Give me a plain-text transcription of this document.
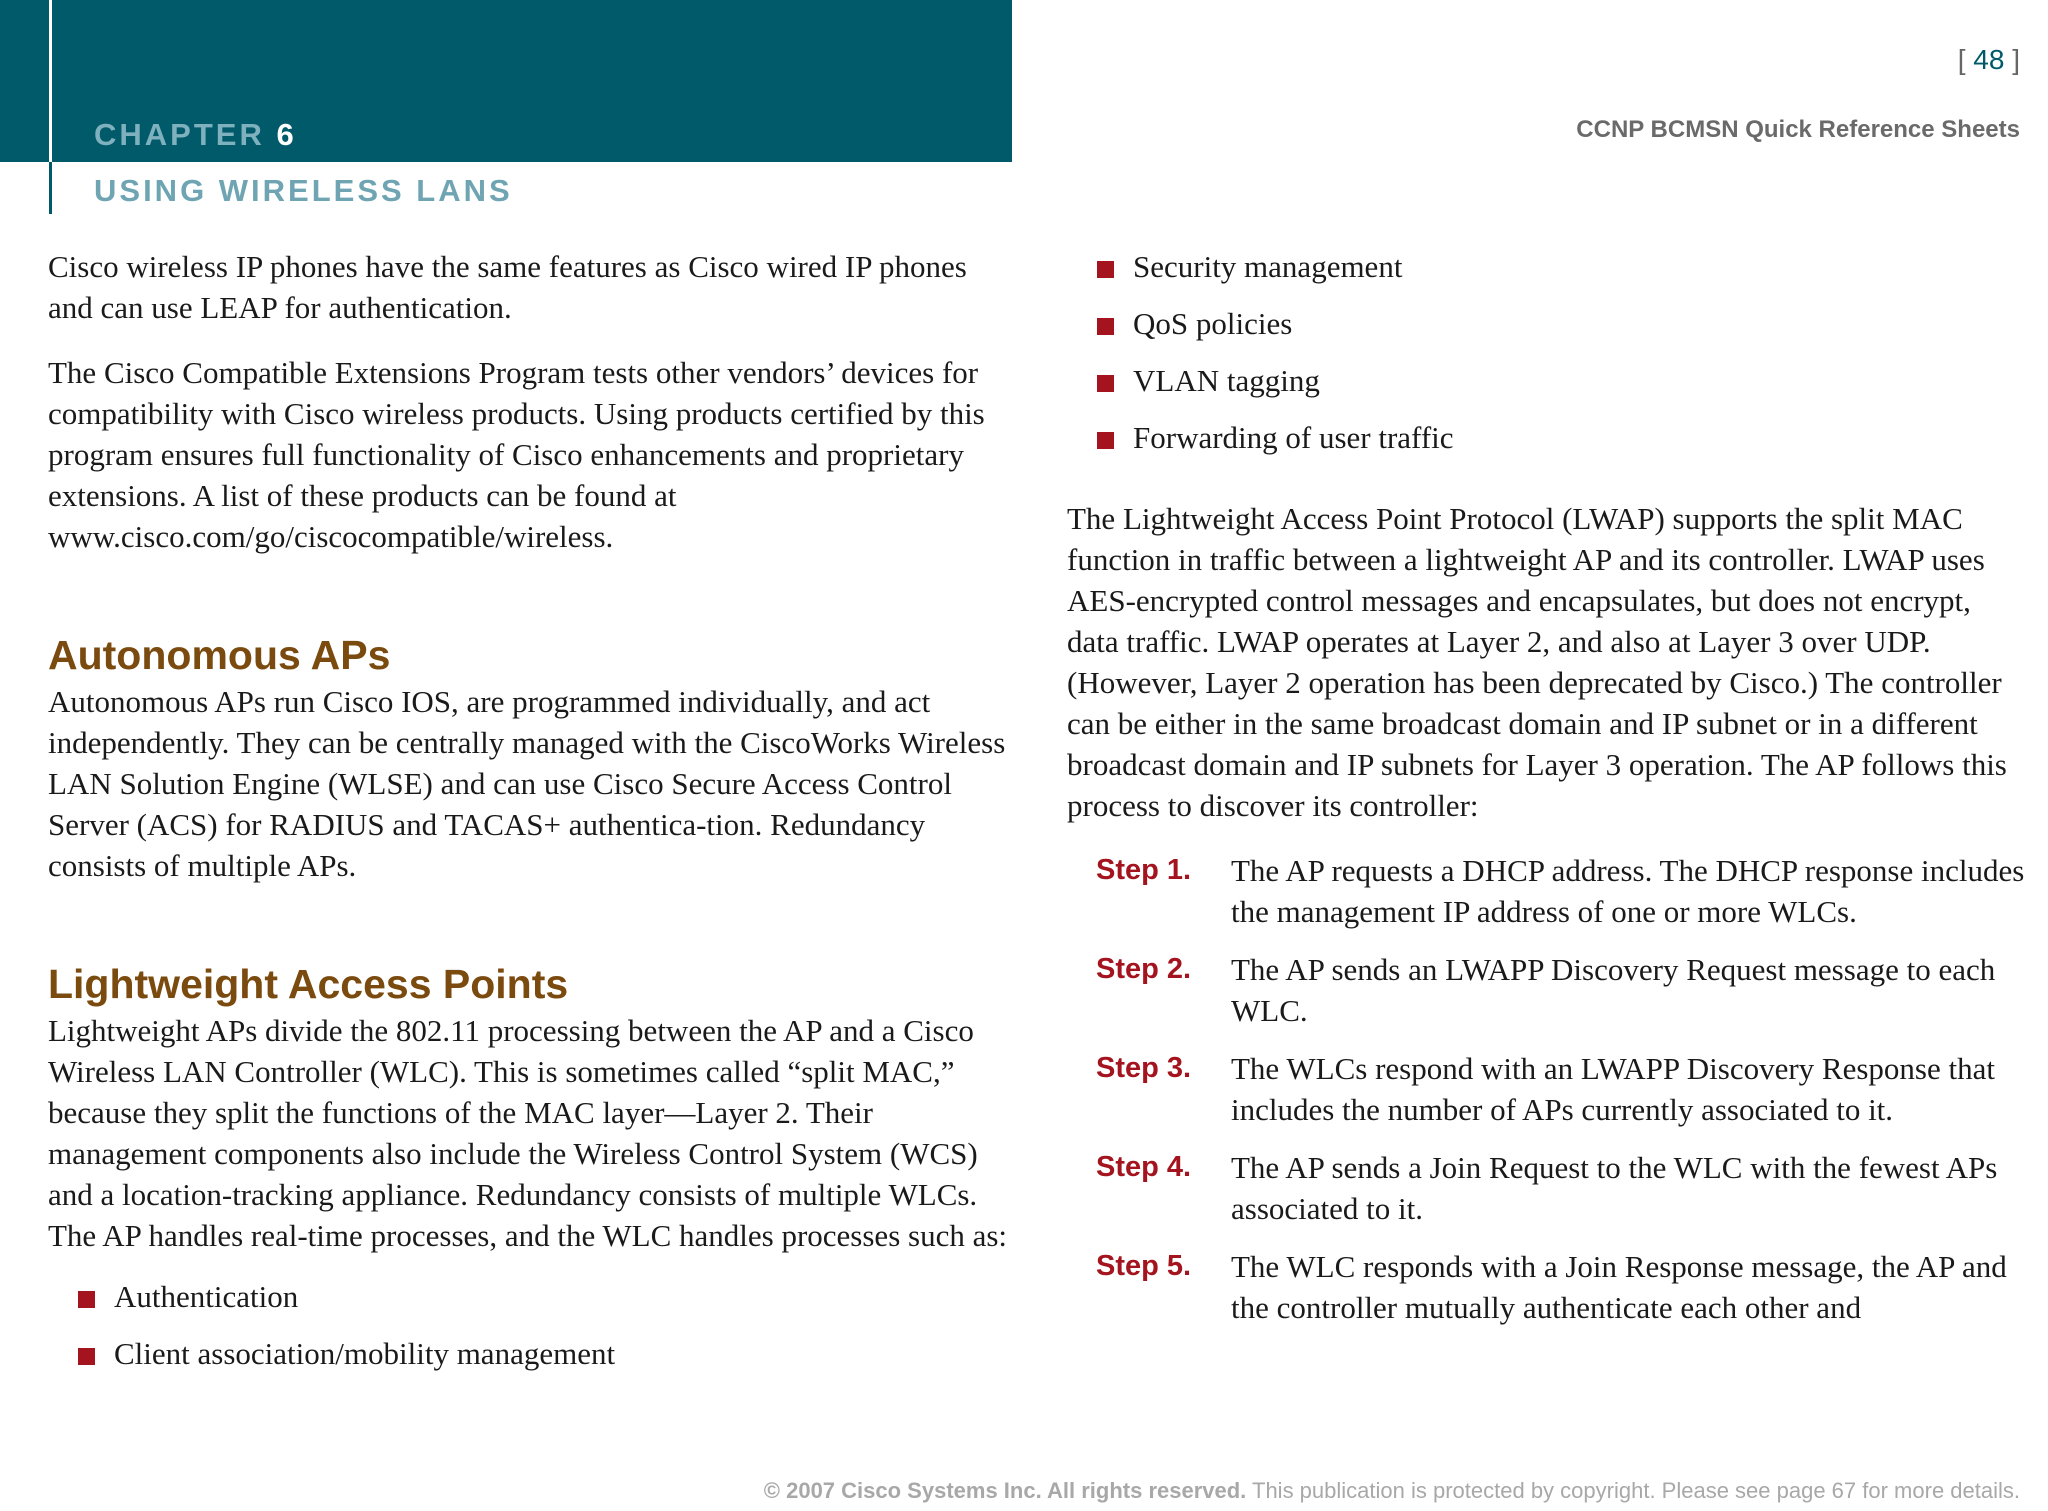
CHAPTER 6
USING WIRELESS LANS
[ 48 ]
CCNP BCMSN Quick Reference Sheets

Cisco wireless IP phones have the same features as Cisco wired IP phones and can use LEAP for authentication.

The Cisco Compatible Extensions Program tests other vendors’ devices for compatibility with Cisco wireless products. Using products certified by this program ensures full functionality of Cisco enhancements and proprietary extensions. A list of these products can be found at www.cisco.com/go/ciscocompatible/wireless.

Autonomous APs

Autonomous APs run Cisco IOS, are programmed individually, and act independently. They can be centrally managed with the CiscoWorks Wireless LAN Solution Engine (WLSE) and can use Cisco Secure Access Control Server (ACS) for RADIUS and TACAS+ authentica-tion. Redundancy consists of multiple APs.

Lightweight Access Points

Lightweight APs divide the 802.11 processing between the AP and a Cisco Wireless LAN Controller (WLC). This is sometimes called “split MAC,” because they split the functions of the MAC layer—Layer 2. Their management components also include the Wireless Control System (WCS) and a location-tracking appliance. Redundancy consists of multiple WLCs. The AP handles real-time processes, and the WLC handles processes such as:

Authentication
Client association/mobility management
Security management
QoS policies
VLAN tagging
Forwarding of user traffic

The Lightweight Access Point Protocol (LWAP) supports the split MAC function in traffic between a lightweight AP and its controller. LWAP uses AES-encrypted control messages and encapsulates, but does not encrypt, data traffic. LWAP operates at Layer 2, and also at Layer 3 over UDP. (However, Layer 2 operation has been deprecated by Cisco.) The controller can be either in the same broadcast domain and IP subnet or in a different broadcast domain and IP subnets for Layer 3 operation. The AP follows this process to discover its controller:

Step 1. The AP requests a DHCP address. The DHCP response includes the management IP address of one or more WLCs.
Step 2. The AP sends an LWAPP Discovery Request message to each WLC.
Step 3. The WLCs respond with an LWAPP Discovery Response that includes the number of APs currently associated to it.
Step 4. The AP sends a Join Request to the WLC with the fewest APs associated to it.
Step 5. The WLC responds with a Join Response message, the AP and the controller mutually authenticate each other and
© 2007 Cisco Systems Inc. All rights reserved. This publication is protected by copyright. Please see page 67 for more details.
